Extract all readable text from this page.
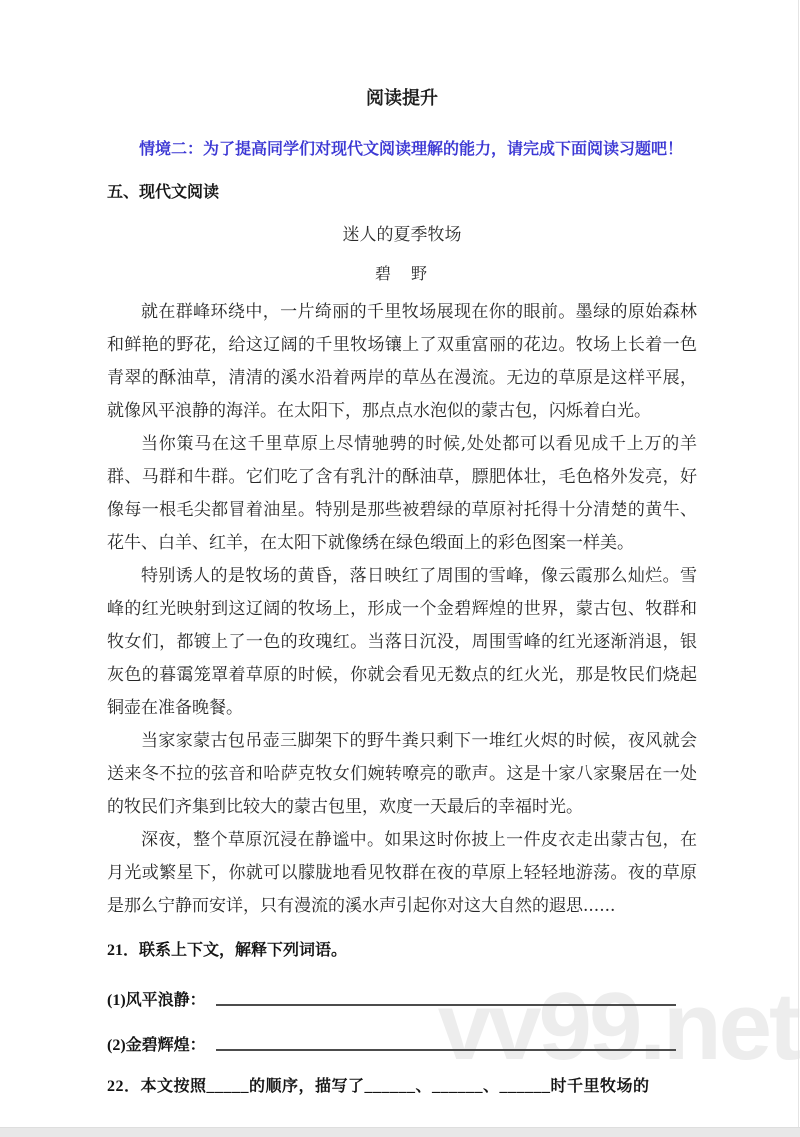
vv99.net
阅读提升

情境二：为了提高同学们对现代文阅读理解的能力，请完成下面阅读习题吧！

五、现代文阅读
迷人的夏季牧场
碧　野

就在群峰环绕中，一片绮丽的千里牧场展现在你的眼前。墨绿的原始森林和鲜艳的野花，给这辽阔的千里牧场镶上了双重富丽的花边。牧场上长着一色青翠的酥油草，清清的溪水沿着两岸的草丛在漫流。无边的草原是这样平展，就像风平浪静的海洋。在太阳下，那点点水泡似的蒙古包，闪烁着白光。

当你策马在这千里草原上尽情驰骋的时候,处处都可以看见成千上万的羊群、马群和牛群。它们吃了含有乳汁的酥油草，膘肥体壮，毛色格外发亮，好像每一根毛尖都冒着油星。特别是那些被碧绿的草原衬托得十分清楚的黄牛、花牛、白羊、红羊，在太阳下就像绣在绿色缎面上的彩色图案一样美。

特别诱人的是牧场的黄昏，落日映红了周围的雪峰，像云霞那么灿烂。雪峰的红光映射到这辽阔的牧场上，形成一个金碧辉煌的世界，蒙古包、牧群和牧女们，都镀上了一色的玫瑰红。当落日沉没，周围雪峰的红光逐渐消退，银灰色的暮霭笼罩着草原的时候，你就会看见无数点的红火光，那是牧民们烧起铜壶在准备晚餐。

当家家蒙古包吊壶三脚架下的野牛粪只剩下一堆红火烬的时候，夜风就会送来冬不拉的弦音和哈萨克牧女们婉转嘹亮的歌声。这是十家八家聚居在一处的牧民们齐集到比较大的蒙古包里，欢度一天最后的幸福时光。

深夜，整个草原沉浸在静谧中。如果这时你披上一件皮衣走出蒙古包，在月光或繁星下，你就可以朦胧地看见牧群在夜的草原上轻轻地游荡。夜的草原是那么宁静而安详，只有漫流的溪水声引起你对这大自然的遐思......

21．联系上下文，解释下列词语。

(1)风平浪静：
(2)金碧辉煌：

22．本文按照_____的顺序，描写了______、______、______时千里牧场的
